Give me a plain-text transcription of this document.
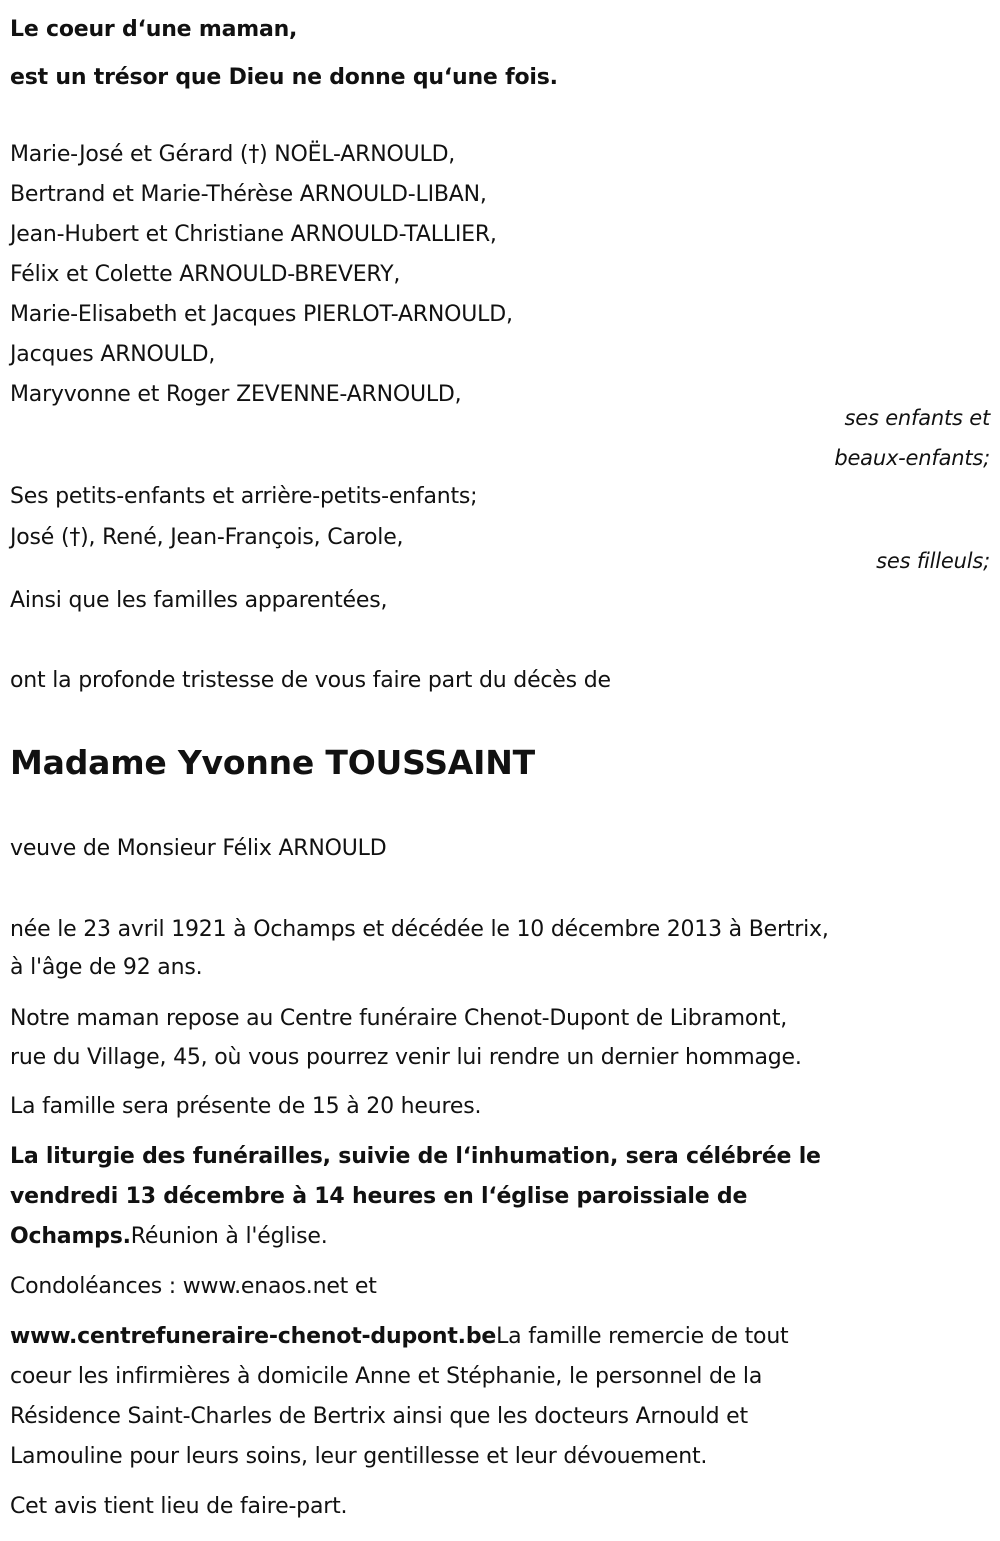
Le coeur d‘une maman,
est un trésor que Dieu ne donne qu‘une fois.
Marie-José et Gérard (†) NOËL-ARNOULD,
Bertrand et Marie-Thérèse ARNOULD-LIBAN,
Jean-Hubert et Christiane ARNOULD-TALLIER,
Félix et Colette ARNOULD-BREVERY,
Marie-Elisabeth et Jacques PIERLOT-ARNOULD,
Jacques ARNOULD,
Maryvonne et Roger ZEVENNE-ARNOULD,
ses enfants et
beaux-enfants;
Ses petits-enfants et arrière-petits-enfants;
José (†), René, Jean-François, Carole,
ses filleuls;
Ainsi que les familles apparentées,
ont la profonde tristesse de vous faire part du décès de
Madame Yvonne TOUSSAINT
veuve de Monsieur Félix ARNOULD
née le 23 avril 1921 à Ochamps et décédée le 10 décembre 2013 à Bertrix,
à l'âge de 92 ans.
Notre maman repose au Centre funéraire Chenot-Dupont de Libramont,
rue du Village, 45, où vous pourrez venir lui rendre un dernier hommage.
La famille sera présente de 15 à 20 heures.
La liturgie des funérailles, suivie de l‘inhumation, sera célébrée le
vendredi 13 décembre à 14 heures en l‘église paroissiale de
Ochamps.Réunion à l'église.
Condoléances : www.enaos.net et
www.centrefuneraire-chenot-dupont.beLa famille remercie de tout
coeur les infirmières à domicile Anne et Stéphanie, le personnel de la
Résidence Saint-Charles de Bertrix ainsi que les docteurs Arnould et
Lamouline pour leurs soins, leur gentillesse et leur dévouement.
Cet avis tient lieu de faire-part.
